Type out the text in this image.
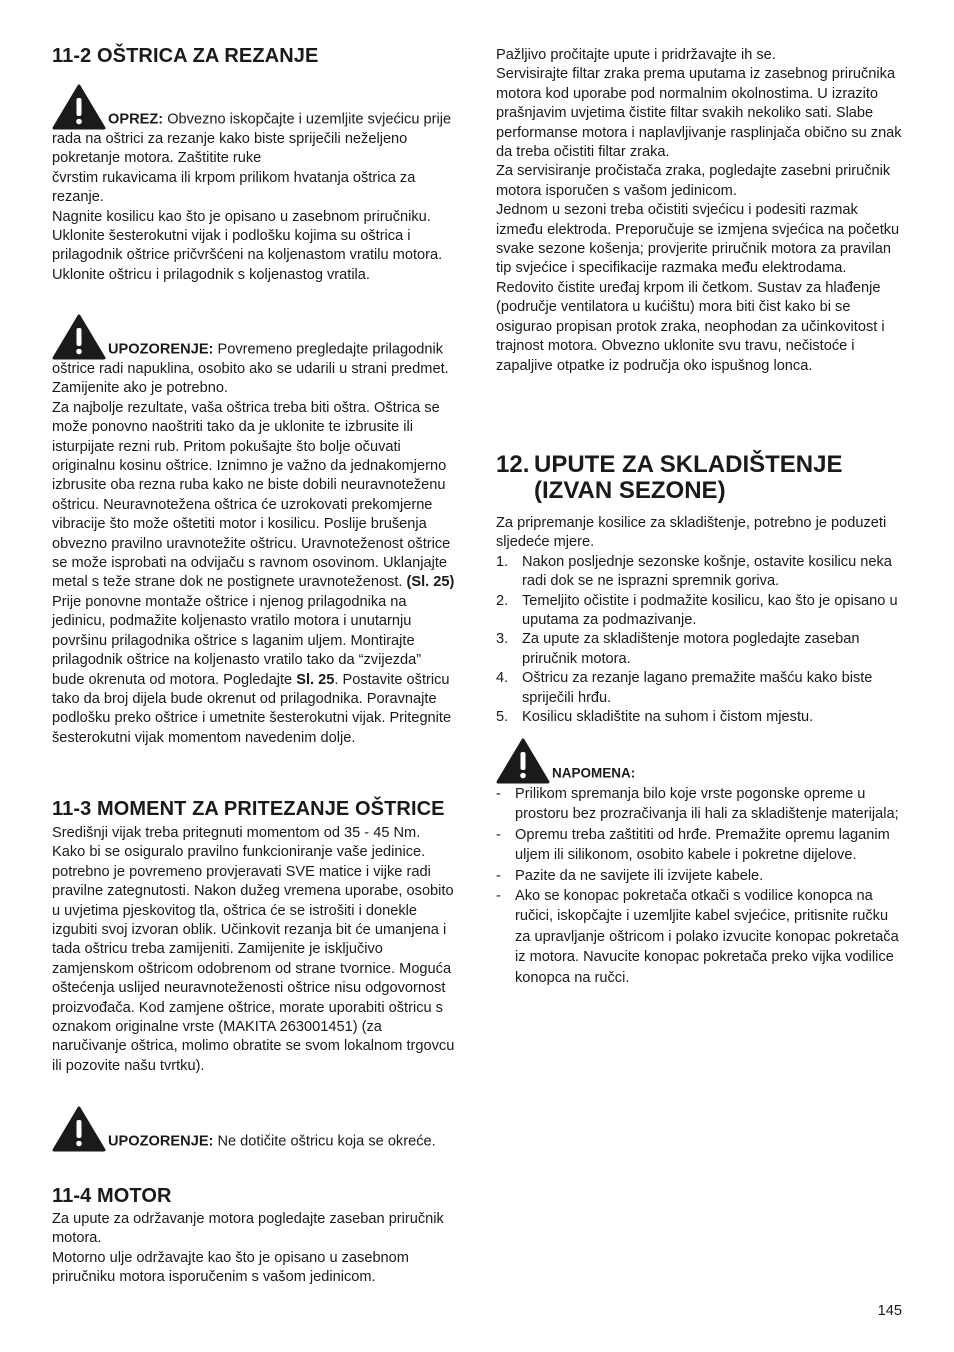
11-2 OŠTRICA ZA REZANJE

OPREZ: Obvezno iskopčajte i uzemljite svjećicu prije rada na oštrici za rezanje kako biste spriječili neželjeno pokretanje motora. Zaštitite ruke

čvrstim rukavicama ili krpom prilikom hvatanja oštrica za rezanje.

Nagnite kosilicu kao što je opisano u zasebnom priručniku. Uklonite šesterokutni vijak i podlošku kojima su oštrica i prilagodnik oštrice pričvršćeni na koljenastom vratilu motora. Uklonite oštricu i prilagodnik s koljenastog vratila.

UPOZORENJE: Povremeno pregledajte prilagodnik oštrice radi napuklina, osobito ako se udarili u strani predmet. Zamijenite ako je potrebno.

Za najbolje rezultate, vaša oštrica treba biti oštra. Oštrica se može ponovno naoštriti tako da je uklonite te izbrusite ili isturpijate rezni rub. Pritom pokušajte što bolje očuvati originalnu kosinu oštrice. Iznimno je važno da jednakomjerno izbrusite oba rezna ruba kako ne biste dobili neuravnoteženu oštricu. Neuravnotežena oštrica će uzrokovati prekomjerne vibracije što može oštetiti motor i kosilicu. Poslije brušenja obvezno pravilno uravnotežite oštricu. Uravnoteženost oštrice se može isprobati na odvijaču s ravnom osovinom. Uklanjajte metal s teže strane dok ne postignete uravnoteženost. (Sl. 25)

Prije ponovne montaže oštrice i njenog prilagodnika na jedinicu, podmažite koljenasto vratilo motora i unutarnju površinu prilagodnika oštrice s laganim uljem. Montirajte prilagodnik oštrice na koljenasto vratilo tako da “zvijezda” bude okrenuta od motora. Pogledajte Sl. 25. Postavite oštricu tako da broj dijela bude okrenut od prilagodnika. Poravnajte podlošku preko oštrice i umetnite šesterokutni vijak. Pritegnite šesterokutni vijak momentom navedenim dolje.

11-3 MOMENT ZA PRITEZANJE OŠTRICE

Središnji vijak treba pritegnuti momentom od 35 - 45 Nm. Kako bi se osiguralo pravilno funkcioniranje vaše jedinice. potrebno je povremeno provjeravati SVE matice i vijke radi pravilne zategnutosti. Nakon dužeg vremena uporabe, osobito u uvjetima pjeskovitog tla, oštrica će se istrošiti i donekle izgubiti svoj izvoran oblik. Učinkovit rezanja bit će umanjena i tada oštricu treba zamijeniti. Zamijenite je isključivo zamjenskom oštricom odobrenom od strane tvornice. Moguća oštećenja uslijed neuravnoteženosti oštrice nisu odgovornost proizvođača. Kod zamjene oštrice, morate uporabiti oštricu s oznakom originalne vrste (MAKITA 263001451) (za naručivanje oštrica, molimo obratite se svom lokalnom trgovcu ili pozovite našu tvrtku).

UPOZORENJE: Ne dotičite oštricu koja se okreće.

11-4 MOTOR

Za upute za održavanje motora pogledajte zaseban priručnik motora.

Motorno ulje održavajte kao što je opisano u zasebnom priručniku motora isporučenim s vašom jedinicom.

Pažljivo pročitajte upute i pridržavajte ih se.

Servisirajte filtar zraka prema uputama iz zasebnog priručnika motora kod uporabe pod normalnim okolnostima. U izrazito prašnjavim uvjetima čistite filtar svakih nekoliko sati. Slabe performanse motora i naplavljivanje rasplinjača obično su znak da treba očistiti filtar zraka.

Za servisiranje pročistača zraka, pogledajte zasebni priručnik motora isporučen s vašom jedinicom.

Jednom u sezoni treba očistiti svjećicu i podesiti razmak između elektroda. Preporučuje se izmjena svjećica na početku svake sezone košenja; provjerite priručnik motora za pravilan tip svjećice i specifikacije razmaka među elektrodama.

Redovito čistite uređaj krpom ili četkom. Sustav za hlađenje (područje ventilatora u kućištu) mora biti čist kako bi se osigurao propisan protok zraka, neophodan za učinkovitost i trajnost motora. Obvezno uklonite svu travu, nečistoće i zapaljive otpatke iz područja oko ispušnog lonca.

12. UPUTE ZA SKLADIŠTENJE (IZVAN SEZONE)

Za pripremanje kosilice za skladištenje, potrebno je poduzeti sljedeće mjere.

1. Nakon posljednje sezonske košnje, ostavite kosilicu neka radi dok se ne isprazni spremnik goriva.
2. Temeljito očistite i podmažite kosilicu, kao što je opisano u uputama za podmazivanje.
3. Za upute za skladištenje motora pogledajte zaseban priručnik motora.
4. Oštricu za rezanje lagano premažite mašću kako biste spriječili hrđu.
5. Kosilicu skladištite na suhom i čistom mjestu.

NAPOMENA:

- Prilikom spremanja bilo koje vrste pogonske opreme u prostoru bez prozračivanja ili hali za skladištenje materijala;
- Opremu treba zaštititi od hrđe. Premažite opremu laganim uljem ili silikonom, osobito kabele i pokretne dijelove.
- Pazite da ne savijete ili izvijete kabele.
- Ako se konopac pokretača otkači s vodilice konopca na ručici, iskopčajte i uzemljite kabel svjećice, pritisnite ručku za upravljanje oštricom i polako izvucite konopac pokretača iz motora. Navucite konopac pokretača preko vijka vodilice konopca na ručci.
145
